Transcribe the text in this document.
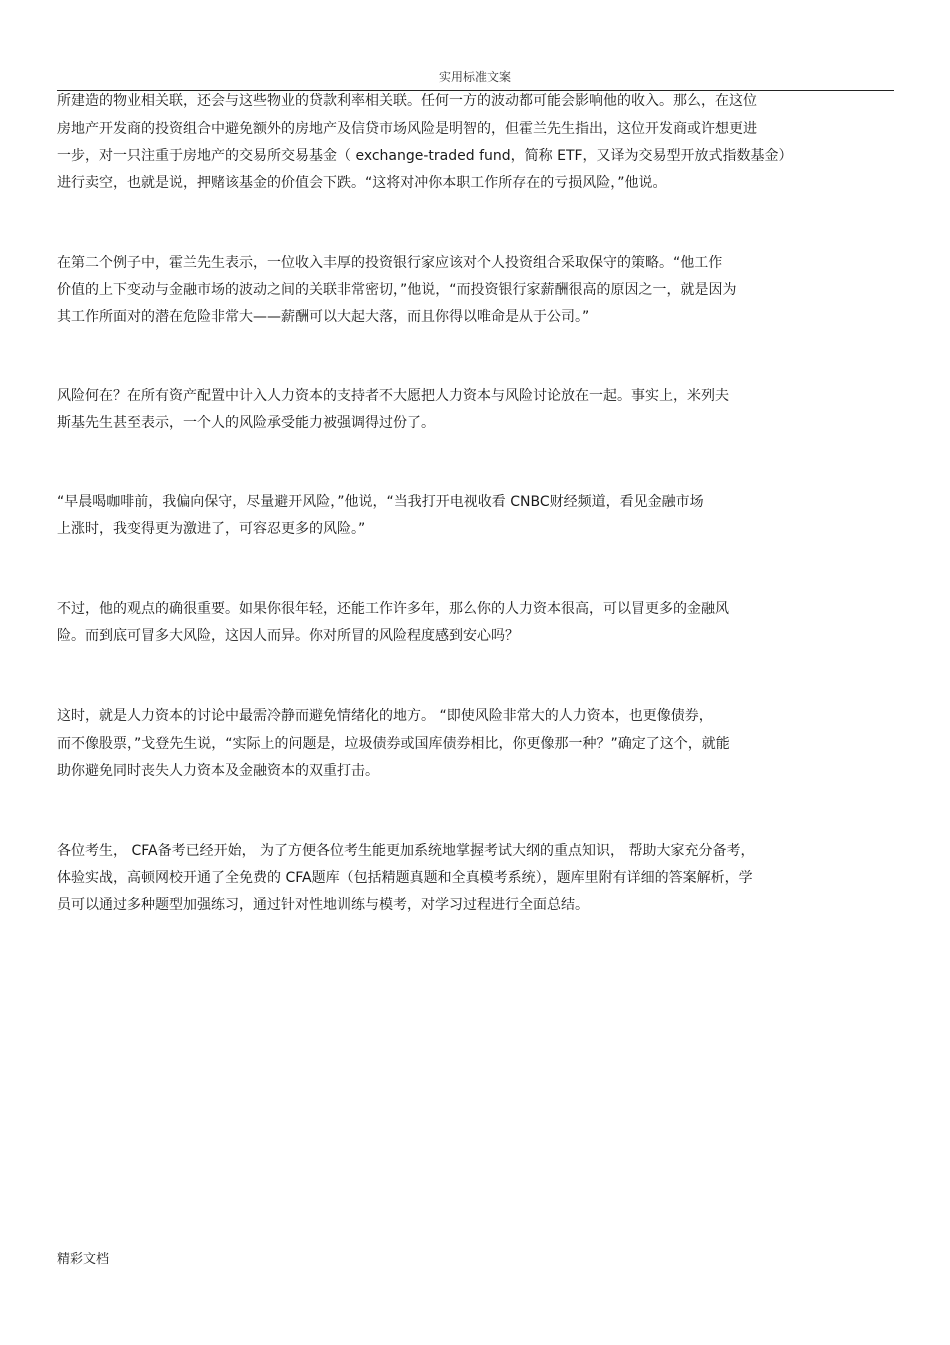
实用标准文案
所建造的物业相关联，还会与这些物业的贷款利率相关联。任何一方的波动都可能会影响他的收入。那么，在这位
房地产开发商的投资组合中避免额外的房地产及信贷市场风险是明智的，但霍兰先生指出，这位开发商或许想更进
一步，对一只注重于房地产的交易所交易基金（ exchange-traded fund，简称 ETF，又译为交易型开放式指数基金）
进行卖空，也就是说，押赌该基金的价值会下跌。“这将对冲你本职工作所存在的亏损风险，”他说。
在第二个例子中，霍兰先生表示，一位收入丰厚的投资银行家应该对个人投资组合采取保守的策略。“他工作
价值的上下变动与金融市场的波动之间的关联非常密切，”他说，“而投资银行家薪酬很高的原因之一，就是因为
其工作所面对的潜在危险非常大——薪酬可以大起大落，而且你得以唯命是从于公司。”
风险何在？在所有资产配置中计入人力资本的支持者不大愿把人力资本与风险讨论放在一起。事实上，米列夫
斯基先生甚至表示，一个人的风险承受能力被强调得过份了。
“早晨喝咖啡前，我偏向保守，尽量避开风险，”他说，“当我打开电视收看 CNBC财经频道，看见金融市场
上涨时，我变得更为激进了，可容忍更多的风险。”
不过，他的观点的确很重要。如果你很年轻，还能工作许多年，那么你的人力资本很高，可以冒更多的金融风
险。而到底可冒多大风险，这因人而异。你对所冒的风险程度感到安心吗？
这时，就是人力资本的讨论中最需冷静而避免情绪化的地方。 “即使风险非常大的人力资本，也更像债券，
而不像股票，”戈登先生说，“实际上的问题是，垃圾债券或国库债券相比，你更像那一种？”确定了这个，就能
助你避免同时丧失人力资本及金融资本的双重打击。
各位考生， CFA备考已经开始， 为了方便各位考生能更加系统地掌握考试大纲的重点知识， 帮助大家充分备考，
体验实战，高顿网校开通了全免费的 CFA题库（包括精题真题和全真模考系统），题库里附有详细的答案解析，学
员可以通过多种题型加强练习，通过针对性地训练与模考，对学习过程进行全面总结。
精彩文档
